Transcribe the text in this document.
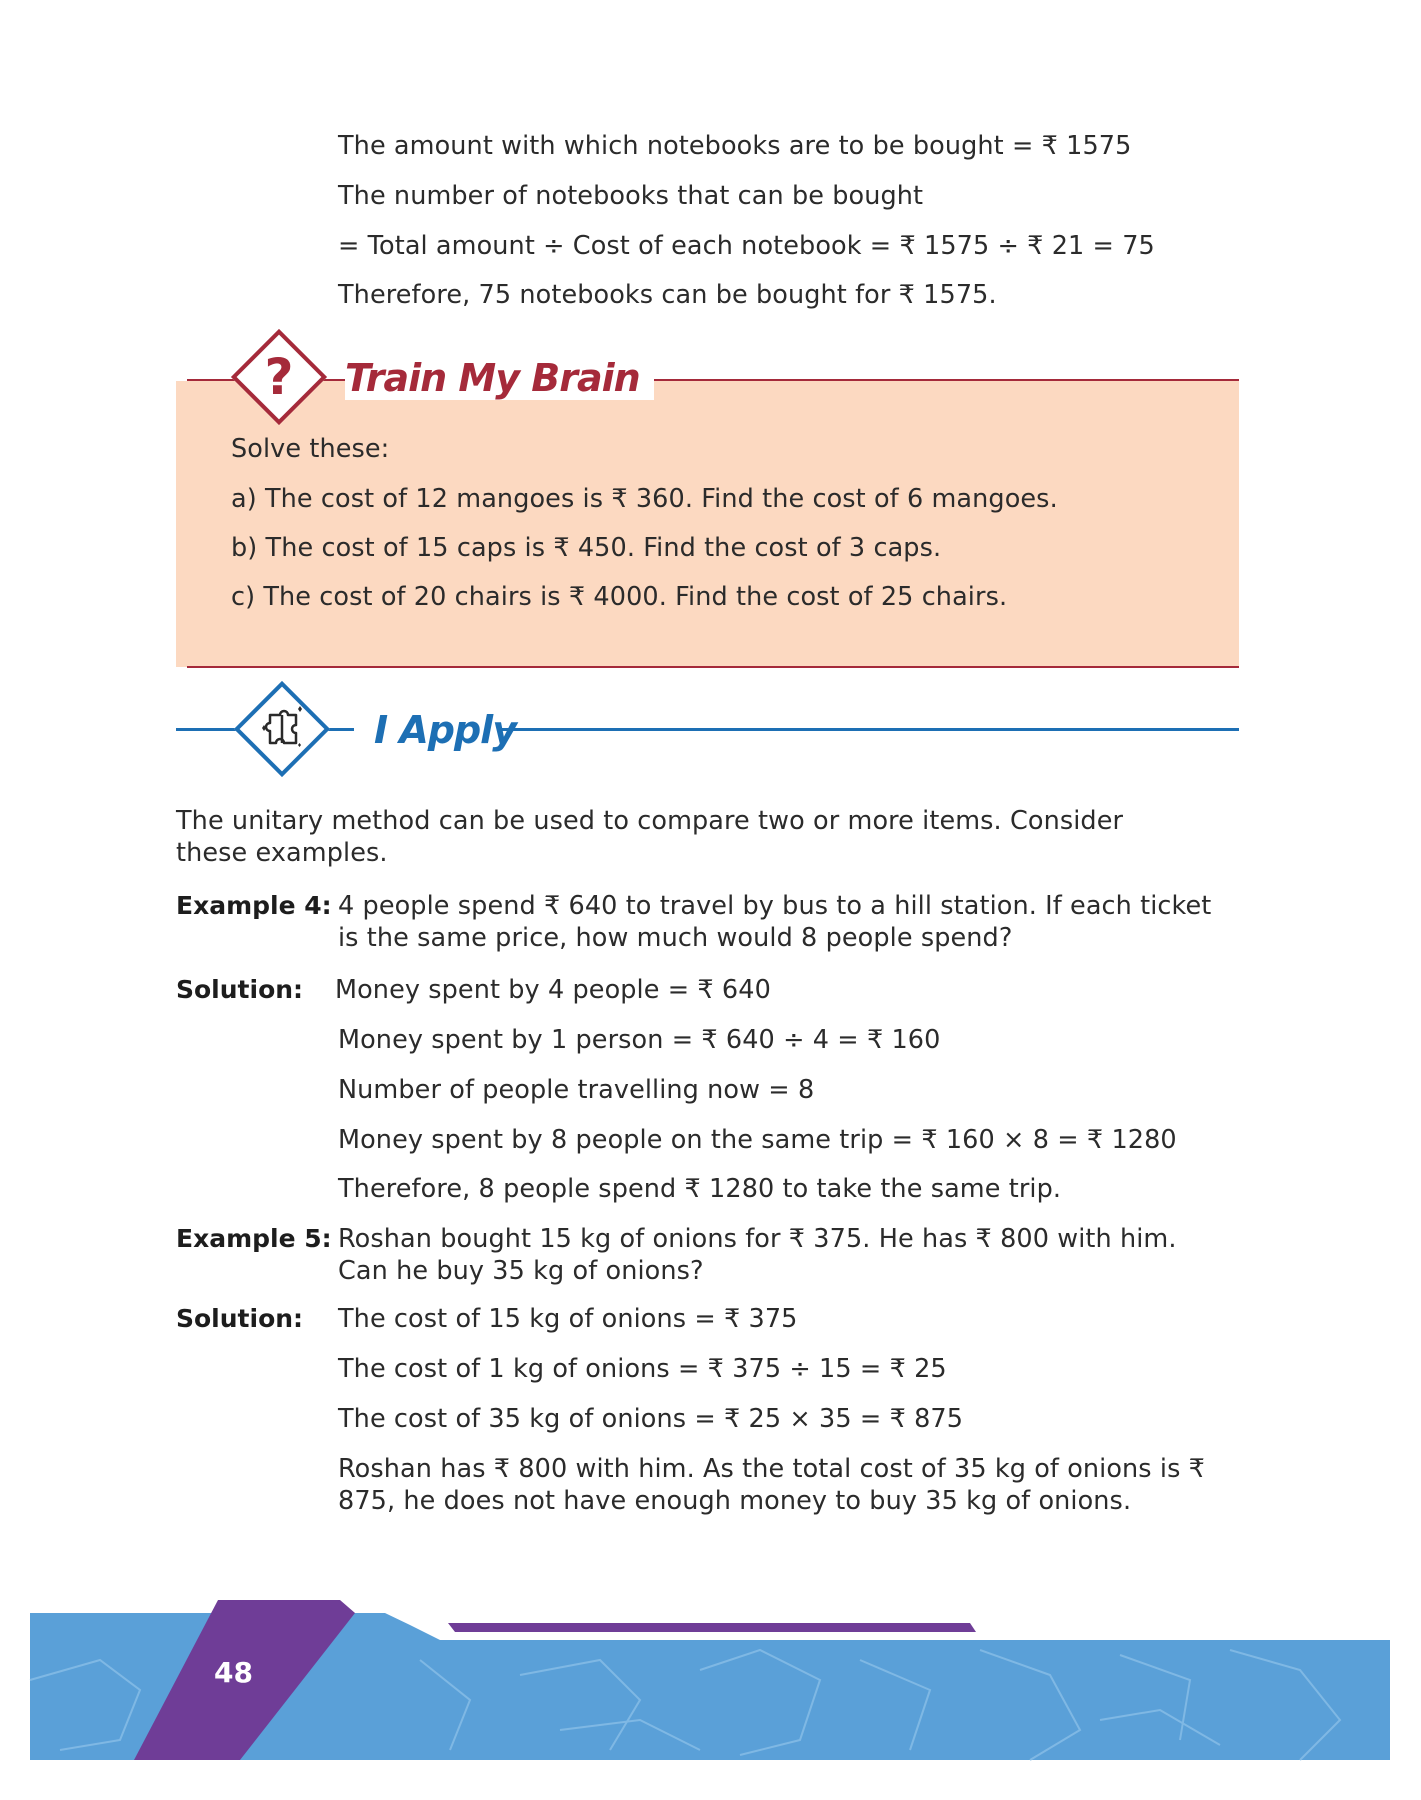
The amount with which notebooks are to be bought = ₹ 1575
The number of notebooks that can be bought
= Total amount ÷ Cost of each notebook = ₹ 1575 ÷ ₹ 21 = 75
Therefore, 75 notebooks can be bought for ₹ 1575.
?	Train My Brain
Solve these:
a) The cost of 12 mangoes is ₹ 360. Find the cost of 6 mangoes.
b) The cost of 15 caps is ₹ 450. Find the cost of 3 caps.
c) The cost of 20 chairs is ₹ 4000. Find the cost of 25 chairs.
I Apply
The unitary method can be used to compare two or more items. Consider these examples.
Example 4: 4 people spend ₹ 640 to travel by bus to a hill station. If each ticket is the same price, how much would 8 people spend?
Solution: Money spent by 4 people = ₹ 640
Money spent by 1 person = ₹ 640 ÷ 4 = ₹ 160
Number of people travelling now = 8
Money spent by 8 people on the same trip = ₹ 160 × 8 = ₹ 1280
Therefore, 8 people spend ₹ 1280 to take the same trip.
Example 5: Roshan bought 15 kg of onions for ₹ 375. He has ₹ 800 with him. Can he buy 35 kg of onions?
Solution: The cost of 15 kg of onions = ₹ 375
The cost of 1 kg of onions = ₹ 375 ÷ 15 = ₹ 25
The cost of 35 kg of onions = ₹ 25 × 35 = ₹ 875
Roshan has ₹ 800 with him. As the total cost of 35 kg of onions is ₹ 875, he does not have enough money to buy 35 kg of onions.
48
